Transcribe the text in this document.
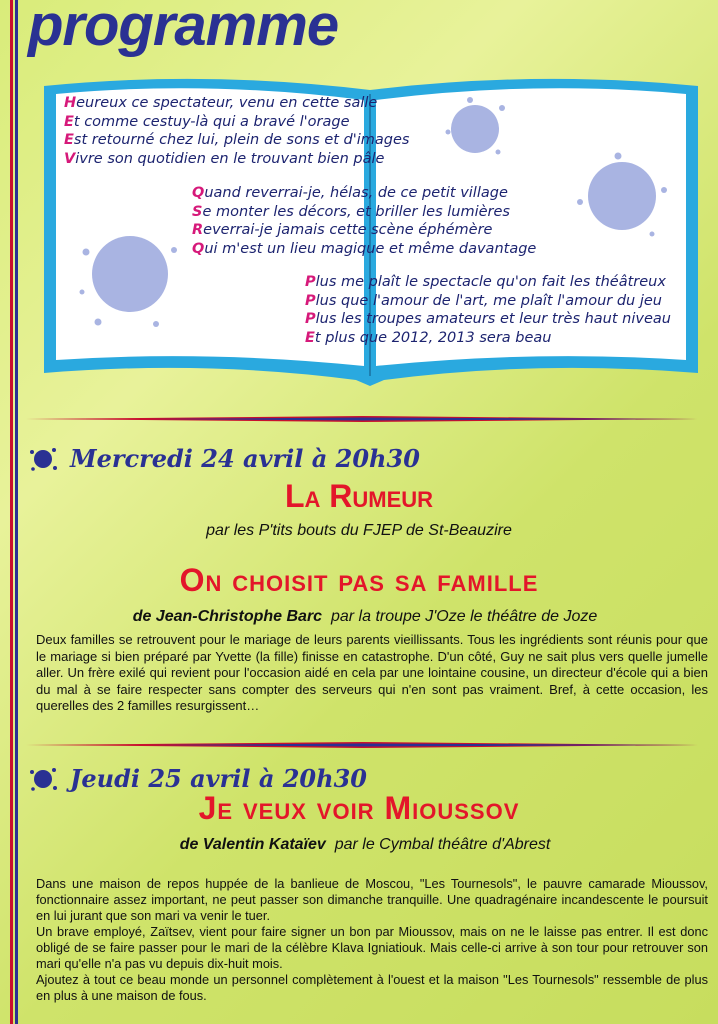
programme
Heureux ce spectateur, venu en cette salle
Et comme cestuy-là qui a bravé l'orage
Est retourné chez lui, plein de sons et d'images
Vivre son quotidien en le trouvant bien pâle
Quand reverrai-je, hélas, de ce petit village
Se monter les décors, et briller les lumières
Reverrai-je jamais cette scène éphémère
Qui m'est un lieu magique et même davantage
Plus me plaît le spectacle qu'on fait les théâtreux
Plus que l'amour de l'art, me plaît l'amour du jeu
Plus les troupes amateurs et leur très haut niveau
Et plus que 2012, 2013 sera beau
Mercredi 24 avril à 20h30
La Rumeur
par les P'tits bouts du FJEP de St-Beauzire
On choisit pas sa famille
de Jean-Christophe Barc par la troupe J'Oze le théâtre de Joze

Deux familles se retrouvent pour le mariage de leurs parents vieillissants. Tous les ingrédients sont réunis pour que le mariage si bien préparé par Yvette (la fille) finisse en catastrophe. D'un côté, Guy ne sait plus vers quelle jumelle aller. Un frère exilé qui revient pour l'occasion aidé en cela par une lointaine cousine, un directeur d'école qui a bien du mal à se faire respecter sans compter des serveurs qui n'en sont pas vraiment. Bref, à cette occasion, les querelles des 2 familles resurgissent…

Jeudi 25 avril à 20h30
Je veux voir Mioussov
de Valentin Kataïev par le Cymbal théâtre d'Abrest

Dans une maison de repos huppée de la banlieue de Moscou, "Les Tournesols", le pauvre camarade Mioussov, fonctionnaire assez important, ne peut passer son dimanche tranquille. Une quadragénaire incandescente le poursuit en lui jurant que son mari va venir le tuer.

Un brave employé, Zaïtsev, vient pour faire signer un bon par Mioussov, mais on ne le laisse pas entrer. Il est donc obligé de se faire passer pour le mari de la célèbre Klava Igniatiouk. Mais celle-ci arrive à son tour pour retrouver son mari qu'elle n'a pas vu depuis dix-huit mois.

Ajoutez à tout ce beau monde un personnel complètement à l'ouest et la maison "Les Tournesols" ressemble de plus en plus à une maison de fous.
